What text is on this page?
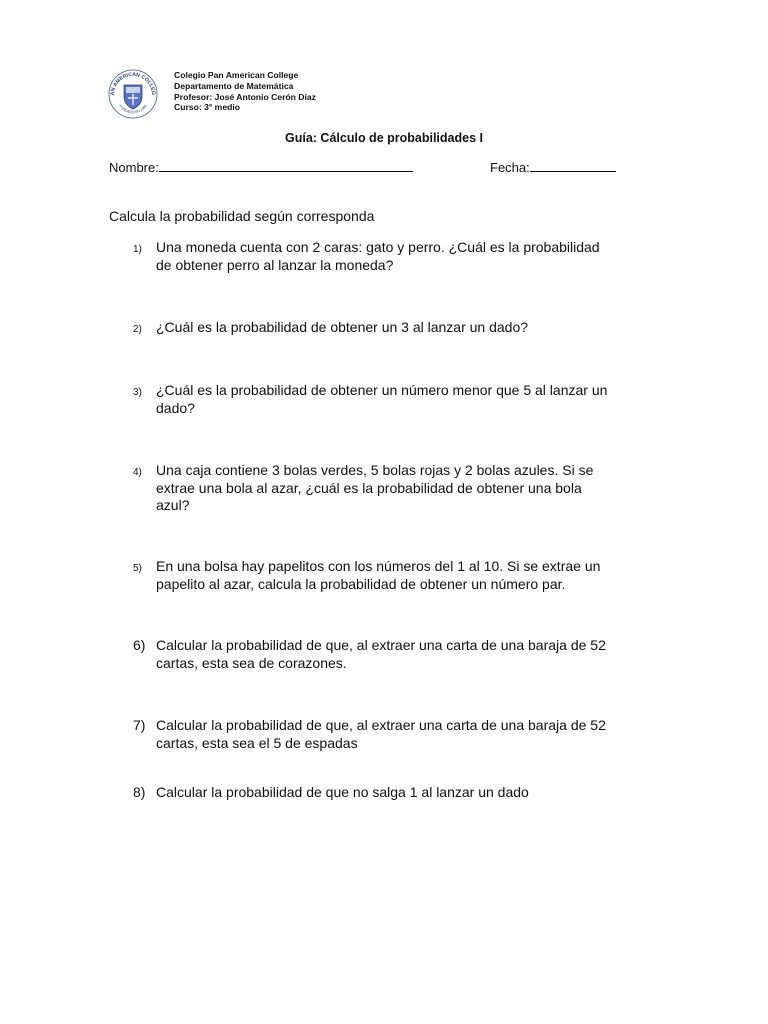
AN AMERICAN COLLEG
FUNDADO EN 1990
Colegio Pan American College
Departamento de Matemática
Profesor: José Antonio Cerón Díaz
Curso: 3° medio
Guía: Cálculo de probabilidades I
Nombre:	Fecha:
Calcula la probabilidad según corresponda
1) Una moneda cuenta con 2 caras: gato y perro. ¿Cuál es la probabilidad
de obtener perro al lanzar la moneda?
2) ¿Cuál es la probabilidad de obtener un 3 al lanzar un dado?
3) ¿Cuál es la probabilidad de obtener un número menor que 5 al lanzar un
dado?
4) Una caja contiene 3 bolas verdes, 5 bolas rojas y 2 bolas azules. Si se
extrae una bola al azar, ¿cuál es la probabilidad de obtener una bola
azul?
5) En una bolsa hay papelitos con los números del 1 al 10. Si se extrae un
papelito al azar, calcula la probabilidad de obtener un número par.
6) Calcular la probabilidad de que, al extraer una carta de una baraja de 52
cartas, esta sea de corazones.
7) Calcular la probabilidad de que, al extraer una carta de una baraja de 52
cartas, esta sea el 5 de espadas
8) Calcular la probabilidad de que no salga 1 al lanzar un dado
